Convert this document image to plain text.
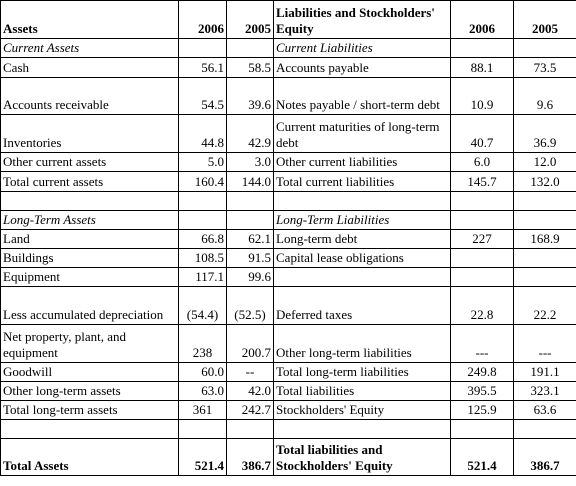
Assets	2006	2005	Liabilities and Stockholders' Equity	2006	2005
Current Assets			Current Liabilities		
Cash	56.1	58.5	Accounts payable	88.1	73.5
Accounts receivable	54.5	39.6	Notes payable / short-term debt	10.9	9.6
Inventories	44.8	42.9	Current maturities of long-term debt	40.7	36.9
Other current assets	5.0	3.0	Other current liabilities	6.0	12.0
Total current assets	160.4	144.0	Total current liabilities	145.7	132.0

Long-Term Assets			Long-Term Liabilities		
Land	66.8	62.1	Long-term debt	227	168.9
Buildings	108.5	91.5	Capital lease obligations		
Equipment	117.1	99.6			
Less accumulated depreciation	(54.4)	(52.5)	Deferred taxes	22.8	22.2
Net property, plant, and equipment	238	200.7	Other long-term liabilities	---	---
Goodwill	60.0	--	Total long-term liabilities	249.8	191.1
Other long-term assets	63.0	42.0	Total liabilities	395.5	323.1
Total long-term assets	361	242.7	Stockholders' Equity	125.9	63.6

Total Assets	521.4	386.7	Total liabilities and Stockholders' Equity	521.4	386.7
